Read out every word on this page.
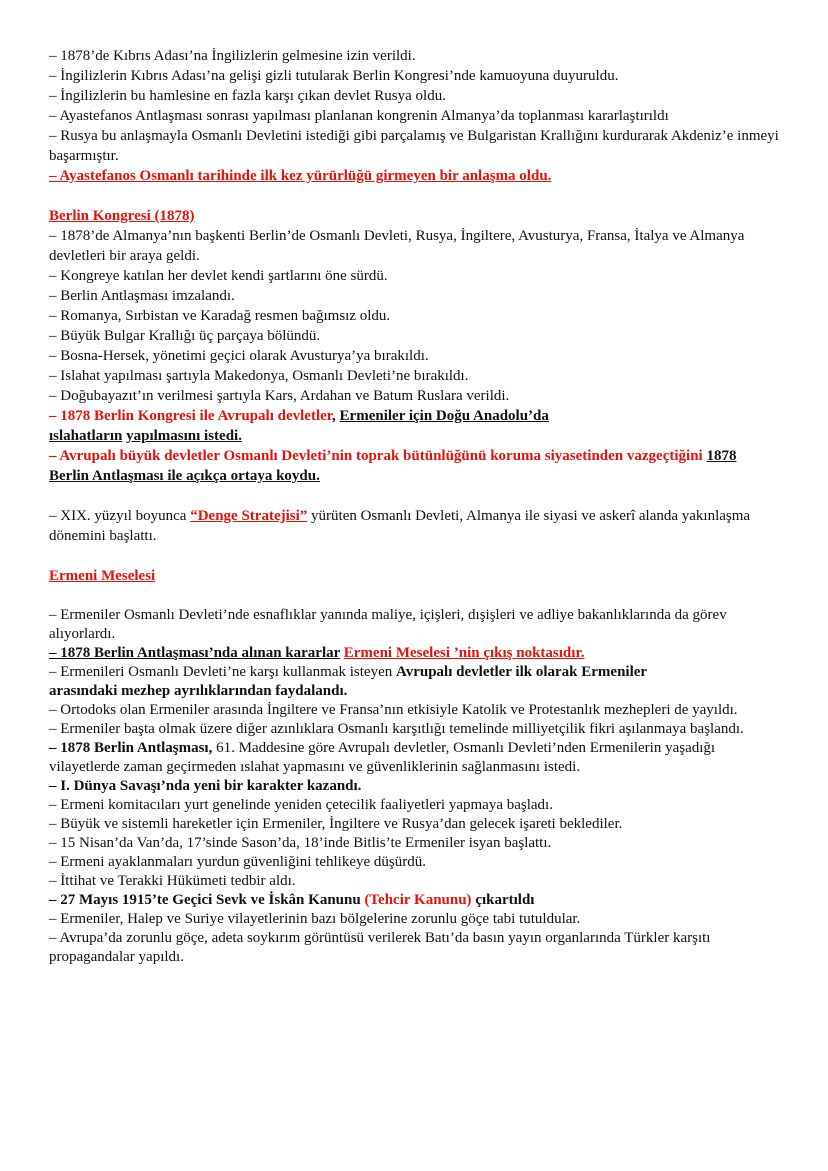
– 1878’de Kıbrıs Adası’na İngilizlerin gelmesine izin verildi.

– İngilizlerin Kıbrıs Adası’na gelişi gizli tutularak Berlin Kongresi’nde kamuoyuna duyuruldu.

– İngilizlerin bu hamlesine en fazla karşı çıkan devlet Rusya oldu.

– Ayastefanos Antlaşması sonrası yapılması planlanan kongrenin Almanya’da toplanması kararlaştırıldı

– Rusya bu anlaşmayla Osmanlı Devletini istediği gibi parçalamış ve Bulgaristan Krallığını kurdurarak Akdeniz’e inmeyi başarmıştır.

– Ayastefanos Osmanlı tarihinde ilk kez yürürlüğü girmeyen bir anlaşma oldu.

Berlin Kongresi (1878)

– 1878’de Almanya’nın başkenti Berlin’de Osmanlı Devleti, Rusya, İngiltere, Avusturya, Fransa, İtalya ve Almanya devletleri bir araya geldi.

– Kongreye katılan her devlet kendi şartlarını öne sürdü.

– Berlin Antlaşması imzalandı.

– Romanya, Sırbistan ve Karadağ resmen bağımsız oldu.

– Büyük Bulgar Krallığı üç parçaya bölündü.

– Bosna-Hersek, yönetimi geçici olarak Avusturya’ya bırakıldı.

– Islahat yapılması şartıyla Makedonya, Osmanlı Devleti’ne bırakıldı.

– Doğubayazıt’ın verilmesi şartıyla Kars, Ardahan ve Batum Ruslara verildi.

– 1878 Berlin Kongresi ile Avrupalı devletler, Ermeniler için Doğu Anadolu’da ıslahatların yapılmasını istedi.

– Avrupalı büyük devletler Osmanlı Devleti’nin toprak bütünlüğünü koruma siyasetinden vazgeçtiğini 1878 Berlin Antlaşması ile açıkça ortaya koydu.

– XIX. yüzyıl boyunca “Denge Stratejisi” yürüten Osmanlı Devleti, Almanya ile siyasi ve askerî alanda yakınlaşma dönemini başlattı.

Ermeni Meselesi

– Ermeniler Osmanlı Devleti’nde esnaflıklar yanında maliye, içişleri, dışişleri ve adliye bakanlıklarında da görev alıyorlardı.

– 1878 Berlin Antlaşması’nda alınan kararlar Ermeni Meselesi ’nin çıkış noktasıdır.

– Ermenileri Osmanlı Devleti’ne karşı kullanmak isteyen Avrupalı devletler ilk olarak Ermeniler arasındaki mezhep ayrılıklarından faydalandı.

– Ortodoks olan Ermeniler arasında İngiltere ve Fransa’nın etkisiyle Katolik ve Protestanlık mezhepleri de yayıldı.

– Ermeniler başta olmak üzere diğer azınlıklara Osmanlı karşıtlığı temelinde milliyetçilik fikri aşılanmaya başlandı.

– 1878 Berlin Antlaşması, 61. Maddesine göre Avrupalı devletler, Osmanlı Devleti’nden Ermenilerin yaşadığı vilayetlerde zaman geçirmeden ıslahat yapmasını ve güvenliklerinin sağlanmasını istedi.

– I. Dünya Savaşı’nda yeni bir karakter kazandı.

– Ermeni komitacıları yurt genelinde yeniden çetecilik faaliyetleri yapmaya başladı.

– Büyük ve sistemli hareketler için Ermeniler, İngiltere ve Rusya’dan gelecek işareti beklediler.

– 15 Nisan’da Van’da, 17’sinde Sason’da, 18’inde Bitlis’te Ermeniler isyan başlattı.

– Ermeni ayaklanmaları yurdun güvenliğini tehlikeye düşürdü.

– İttihat ve Terakki Hükümeti tedbir aldı.

– 27 Mayıs 1915’te Geçici Sevk ve İskân Kanunu (Tehcir Kanunu) çıkartıldı

– Ermeniler, Halep ve Suriye vilayetlerinin bazı bölgelerine zorunlu göçe tabi tutuldular.

– Avrupa’da zorunlu göçe, adeta soykırım görüntüsü verilerek Batı’da basın yayın organlarında Türkler karşıtı propagandalar yapıldı.
